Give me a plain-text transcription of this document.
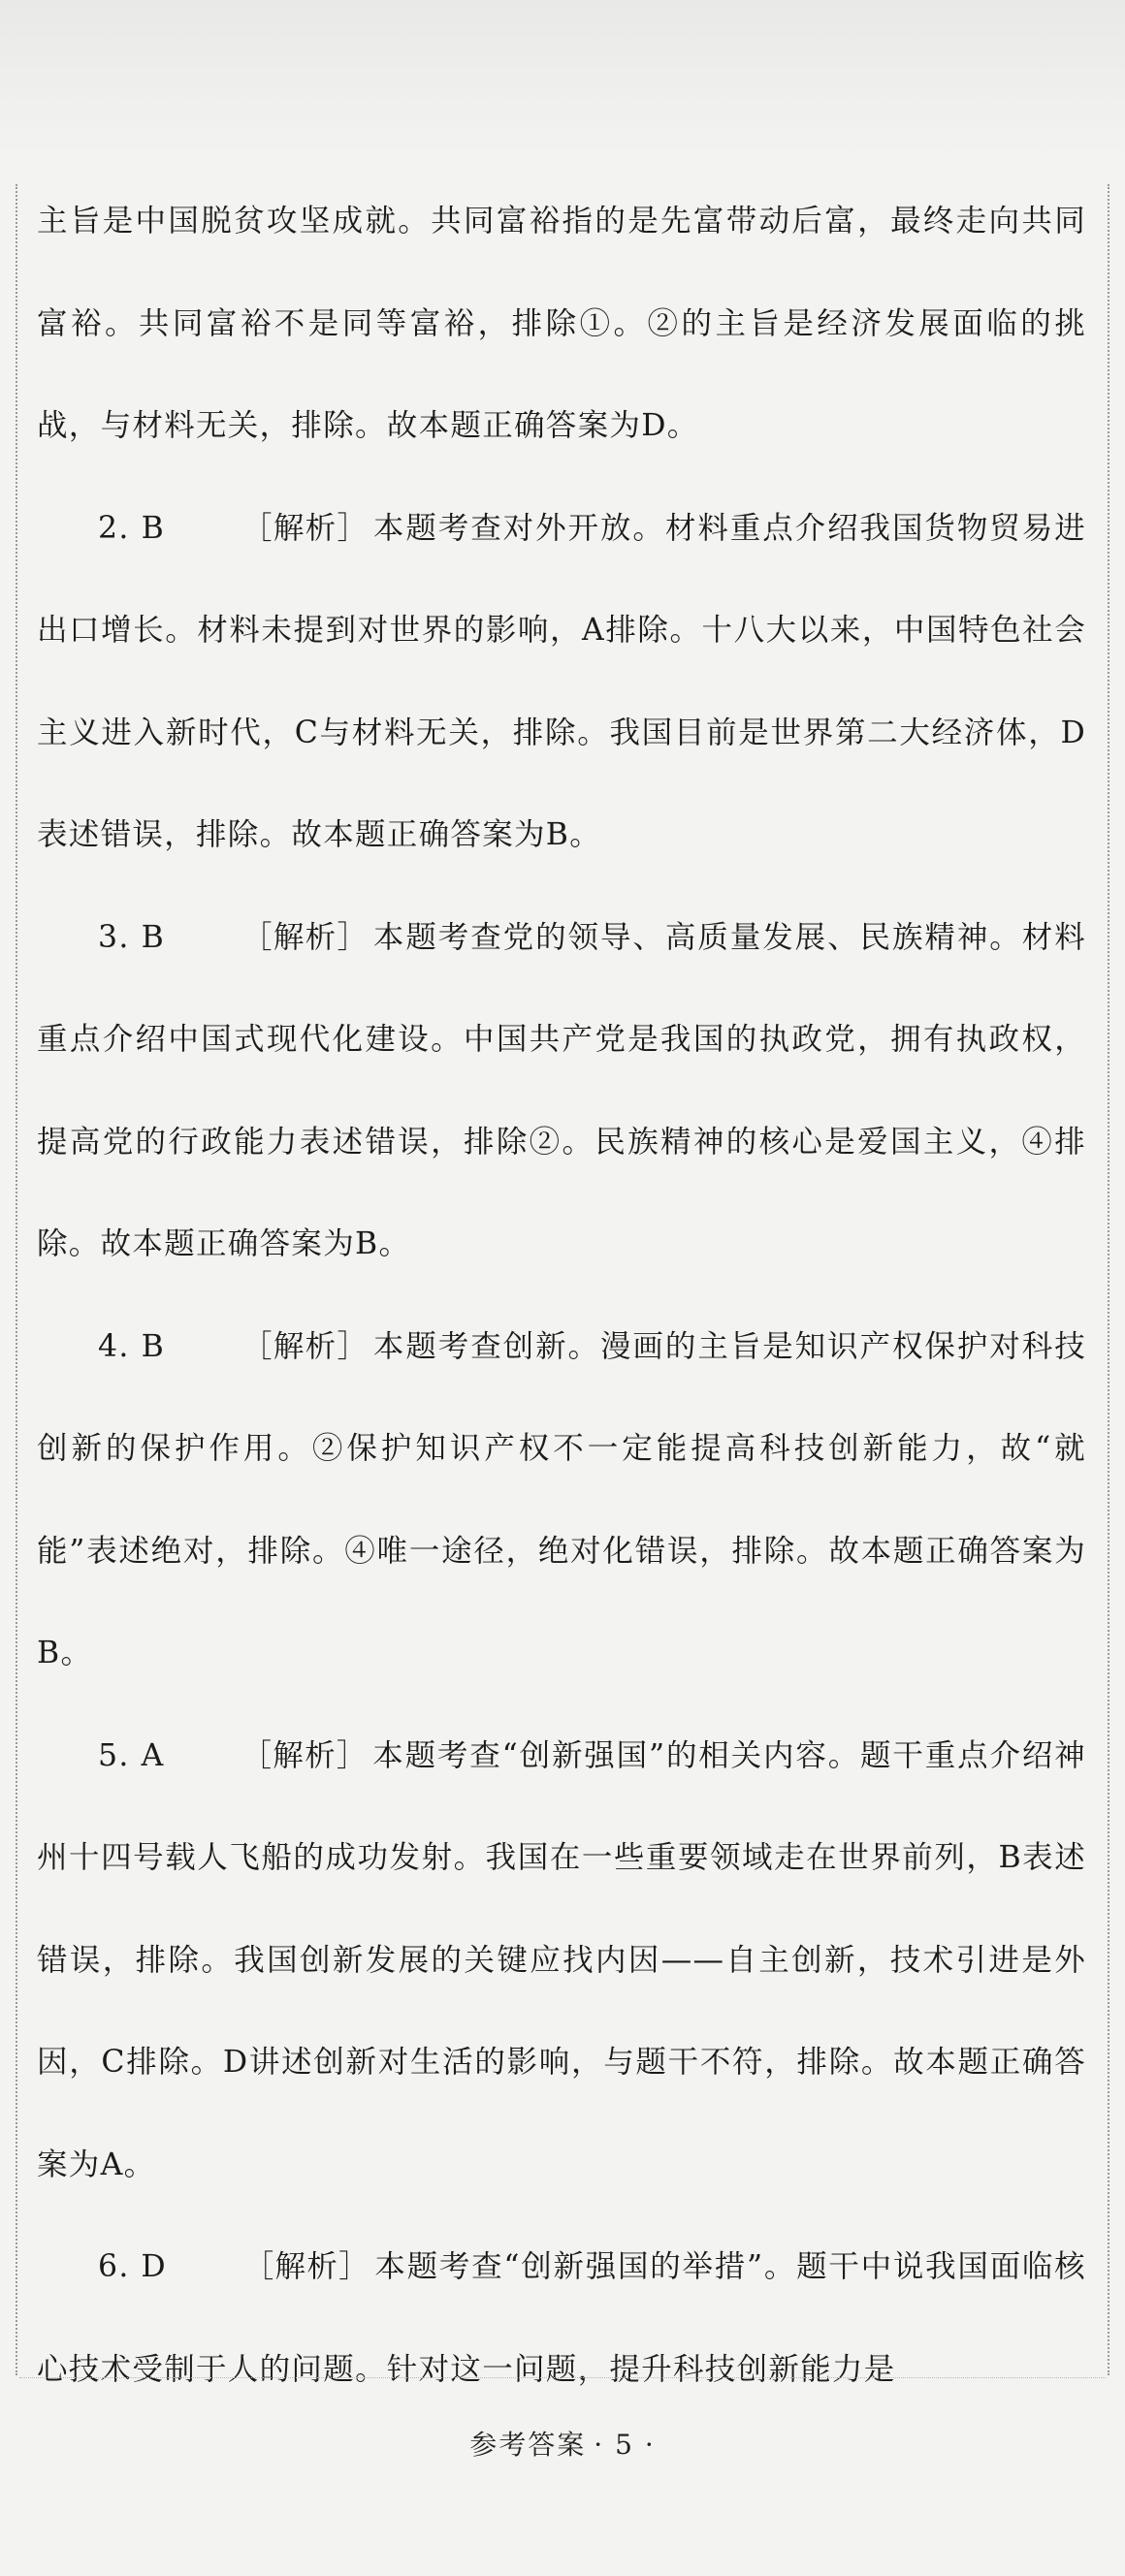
主旨是中国脱贫攻坚成就。共同富裕指的是先富带动后富，最终走向共同富裕。共同富裕不是同等富裕，排除①。②的主旨是经济发展面临的挑战，与材料无关，排除。故本题正确答案为D。

2. B	［解析］ 本题考查对外开放。材料重点介绍我国货物贸易进出口增长。材料未提到对世界的影响，A排除。十八大以来，中国特色社会主义进入新时代，C与材料无关，排除。我国目前是世界第二大经济体，D表述错误，排除。故本题正确答案为B。

3. B	［解析］ 本题考查党的领导、高质量发展、民族精神。材料重点介绍中国式现代化建设。中国共产党是我国的执政党，拥有执政权，提高党的行政能力表述错误，排除②。民族精神的核心是爱国主义，④排除。故本题正确答案为B。

4. B	［解析］ 本题考查创新。漫画的主旨是知识产权保护对科技创新的保护作用。②保护知识产权不一定能提高科技创新能力，故“就能”表述绝对，排除。④唯一途径，绝对化错误，排除。故本题正确答案为B。

5. A	［解析］ 本题考查“创新强国”的相关内容。题干重点介绍神州十四号载人飞船的成功发射。我国在一些重要领域走在世界前列，B表述错误，排除。我国创新发展的关键应找内因——自主创新，技术引进是外因，C排除。D讲述创新对生活的影响，与题干不符，排除。故本题正确答案为A。

6. D	［解析］ 本题考查“创新强国的举措”。题干中说我国面临核心技术受制于人的问题。针对这一问题，提升科技创新能力是

参考答案 · 5 ·
